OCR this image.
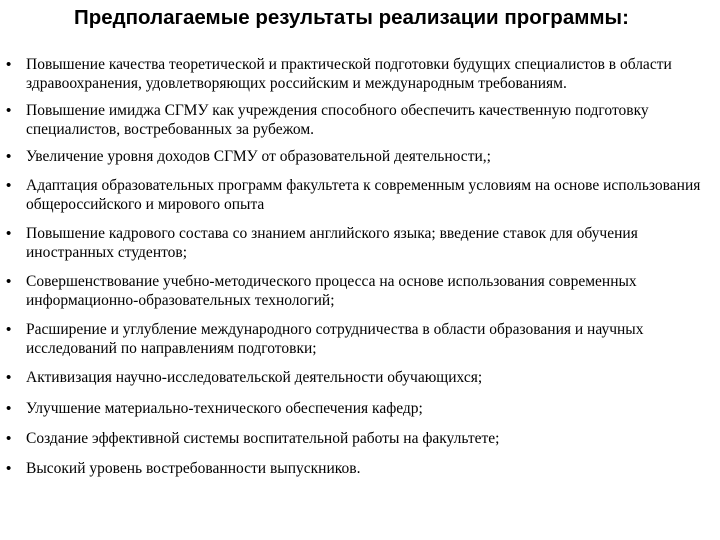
Предполагаемые результаты реализации программы:
• Повышение качества теоретической и практической подготовки будущих специалистов в области здравоохранения, удовлетворяющих российским и международным требованиям.
• Повышение имиджа СГМУ как учреждения способного обеспечить качественную подготовку специалистов, востребованных за рубежом.
• Увеличение уровня доходов СГМУ от образовательной деятельности,;
• Адаптация образовательных программ факультета к современным условиям на основе использования общероссийского и мирового опыта
• Повышение кадрового состава со знанием английского языка; введение ставок для обучения иностранных студентов;
• Совершенствование учебно-методического процесса на основе использования современных информационно-образовательных технологий;
• Расширение и углубление международного сотрудничества в области образования и научных исследований по направлениям подготовки;
• Активизация научно-исследовательской деятельности обучающихся;
• Улучшение материально-технического обеспечения кафедр;
• Создание эффективной системы воспитательной работы на факультете;
• Высокий уровень востребованности выпускников.
